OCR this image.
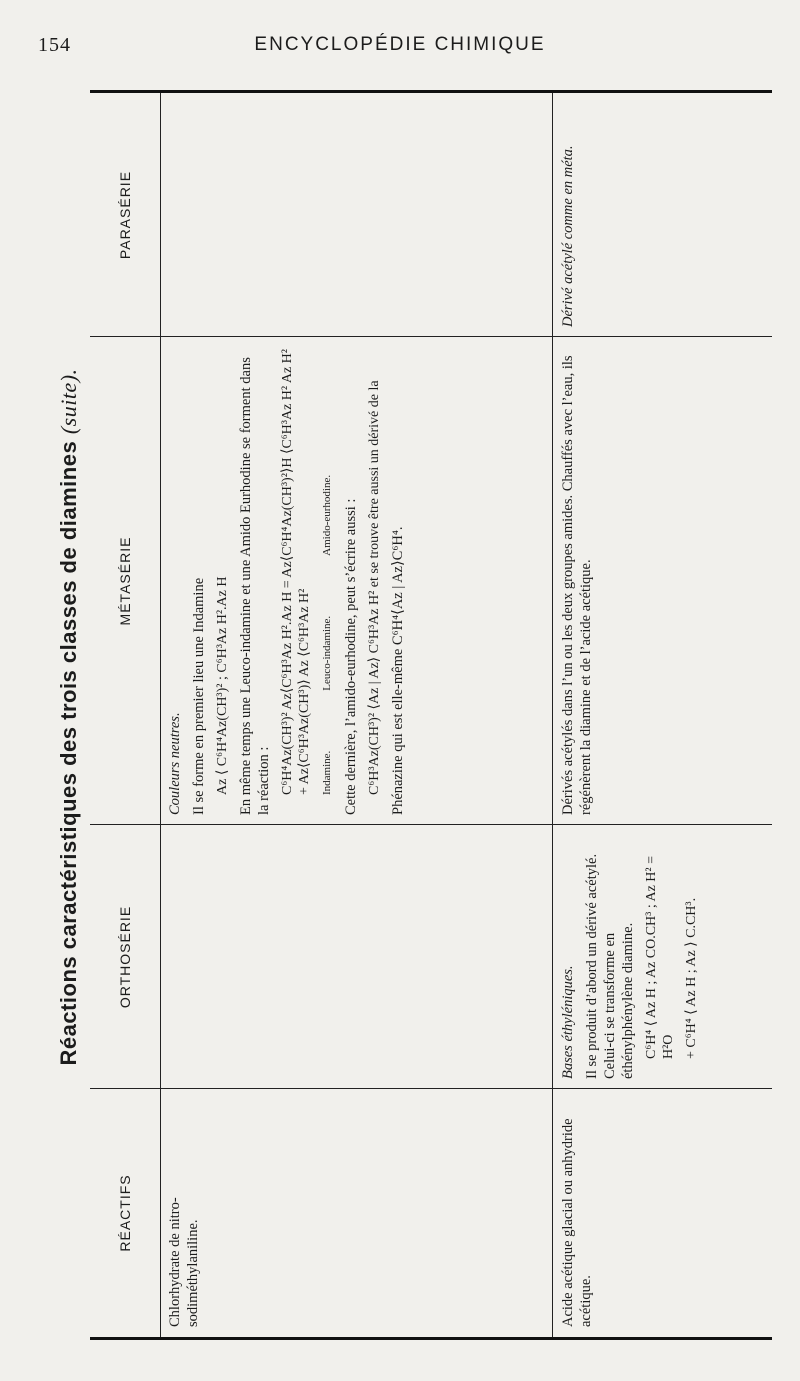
154	ENCYCLOPÉDIE CHIMIQUE
Réactions caractéristiques des trois classes de diamines (suite).
RÉACTIFS
ORTHOSÉRIE
MÉTASÉRIE
PARASÉRIE

Chlorhydrate de nitro-sodiméthylaniline.

Couleurs neutres. Il se forme en premier lieu une Indamine Az ⟨ C⁶H⁴Az(CH³)² ; C⁶H³Az H².Az H En même temps une Leuco-indamine et une Amido Eurhodine se forment dans la réaction : C⁶H⁴Az(CH³)² Az⟨C⁶H³Az H².Az H = Az⟨C⁶H⁴Az(CH³)²⟩H ⟨C⁶H³Az H² Az H² + Az⟨C⁶H³Az(CH³)⟩ Az ⟨C⁶H³Az H² Indamine.
Leuco-indamine.
Amido-eurhodine. Cette dernière, l’amido-eurhodine, peut s’écrire aussi : C⁶H³Az(CH³)² ⟨Az | Az⟩ C⁶H³Az H² et se trouve être aussi un dérivé de la Phénazine qui est elle-même C⁶H⁴⟨Az | Az⟩C⁶H⁴.

Acide acétique glacial ou anhydride acétique.

Bases éthyléniques. Il se produit d’abord un dérivé acétylé. Celui-ci se transforme en éthénylphénylène diamine. C⁶H⁴ ⟨ Az H ; Az CO.CH³ ; Az H² = H²O + C⁶H⁴ ⟨ Az H ; Az ⟩ C.CH³.

Dérivés acétylés dans l’un ou les deux groupes amides. Chauffés avec l’eau, ils régénèrent la diamine et de l’acide acétique.

Dérivé acétylé comme en méta.
